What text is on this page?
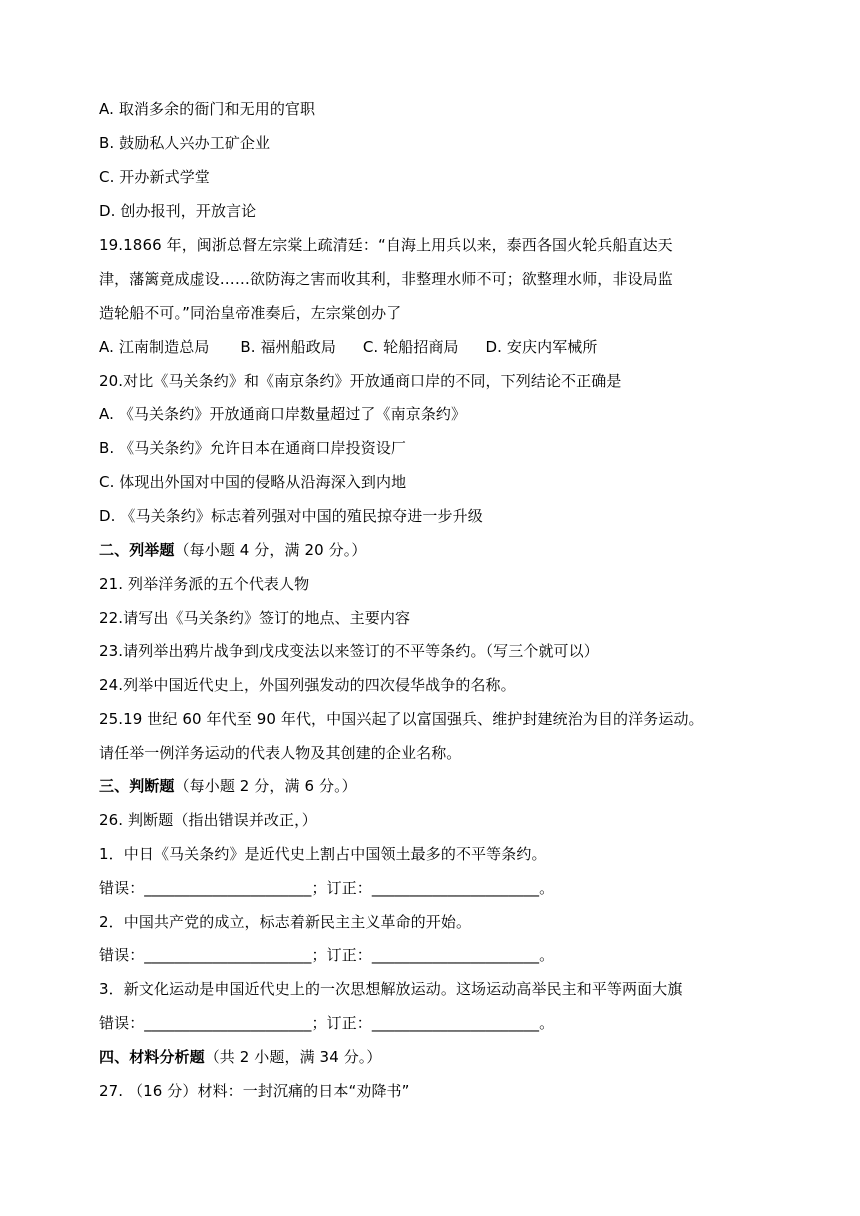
A. 取消多余的衙门和无用的官职
B. 鼓励私人兴办工矿企业
C. 开办新式学堂
D. 创办报刊，开放言论
19.1866 年，闽浙总督左宗棠上疏清廷：“自海上用兵以来，泰西各国火轮兵船直达天
津，藩篱竟成虚设……欲防海之害而收其利，非整理水师不可；欲整理水师，非设局监
造轮船不可。”同治皇帝准奏后，左宗棠创办了
A. 江南制造总局 B. 福州船政局 C. 轮船招商局 D. 安庆内军械所
20.对比《马关条约》和《南京条约》开放通商口岸的不同，下列结论不正确是
A. 《马关条约》开放通商口岸数量超过了《南京条约》
B. 《马关条约》允许日本在通商口岸投资设厂
C. 体现出外国对中国的侵略从沿海深入到内地
D. 《马关条约》标志着列强对中国的殖民掠夺进一步升级
二、列举题（每小题 4 分，满 20 分。）
21. 列举洋务派的五个代表人物
22.请写出《马关条约》签订的地点、主要内容
23.请列举出鸦片战争到戊戌变法以来签订的不平等条约。（写三个就可以）
24.列举中国近代史上，外国列强发动的四次侵华战争的名称。
25.19 世纪 60 年代至 90 年代，中国兴起了以富国强兵、维护封建统治为目的洋务运动。
请任举一例洋务运动的代表人物及其创建的企业名称。
三、判断题（每小题 2 分，满 6 分。）
26. 判断题（指出错误并改正，）
1．中日《马关条约》是近代史上割占中国领土最多的不平等条约。
错误：______________________；订正：______________________。
2．中国共产党的成立，标志着新民主主义革命的开始。
错误：______________________；订正：______________________。
3．新文化运动是申国近代史上的一次思想解放运动。这场运动高举民主和平等两面大旗
错误：______________________；订正：______________________。
四、材料分析题（共 2 小题，满 34 分。）
27. （16 分）材料：一封沉痛的日本“劝降书”
